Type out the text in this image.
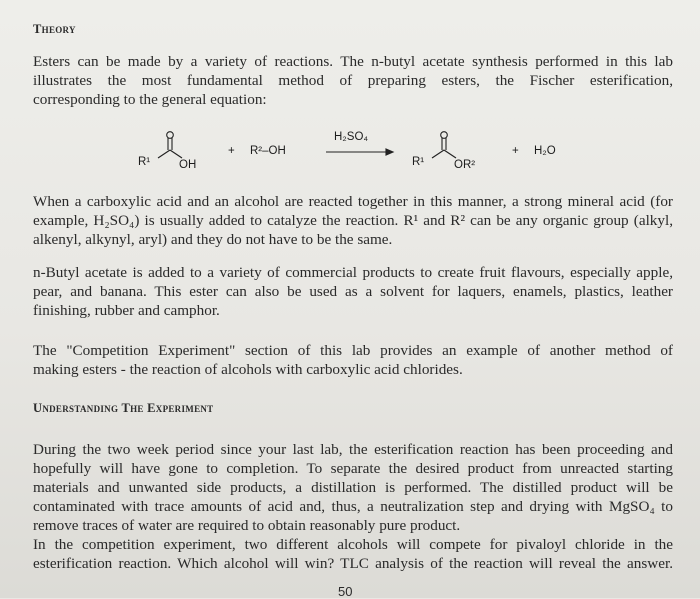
Theory
Esters can be made by a variety of reactions. The n-butyl acetate synthesis performed in this lab
illustrates the most fundamental method of preparing esters, the Fischer esterification,
corresponding to the general equation:
R¹	OH
+ R²–OH
H₂SO₄
R¹	OR²
+ H₂O
When a carboxylic acid and an alcohol are reacted together in this manner, a strong mineral acid (for
example, H₂SO₄) is usually added to catalyze the reaction. R¹ and R² can be any organic group (alkyl,
alkenyl, alkynyl, aryl) and they do not have to be the same.
n-Butyl acetate is added to a variety of commercial products to create fruit flavours, especially apple,
pear, and banana. This ester can also be used as a solvent for laquers, enamels, plastics, leather
finishing, rubber and camphor.
The "Competition Experiment" section of this lab provides an example of another method of
making esters - the reaction of alcohols with carboxylic acid chlorides.
Understanding The Experiment
During the two week period since your last lab, the esterification reaction has been proceeding and
hopefully will have gone to completion. To separate the desired product from unreacted starting
materials and unwanted side products, a distillation is performed. The distilled product will be
contaminated with trace amounts of acid and, thus, a neutralization step and drying with MgSO₄ to
remove traces of water are required to obtain reasonably pure product.
In the competition experiment, two different alcohols will compete for pivaloyl chloride in the
esterification reaction. Which alcohol will win? TLC analysis of the reaction will reveal the answer.
50
